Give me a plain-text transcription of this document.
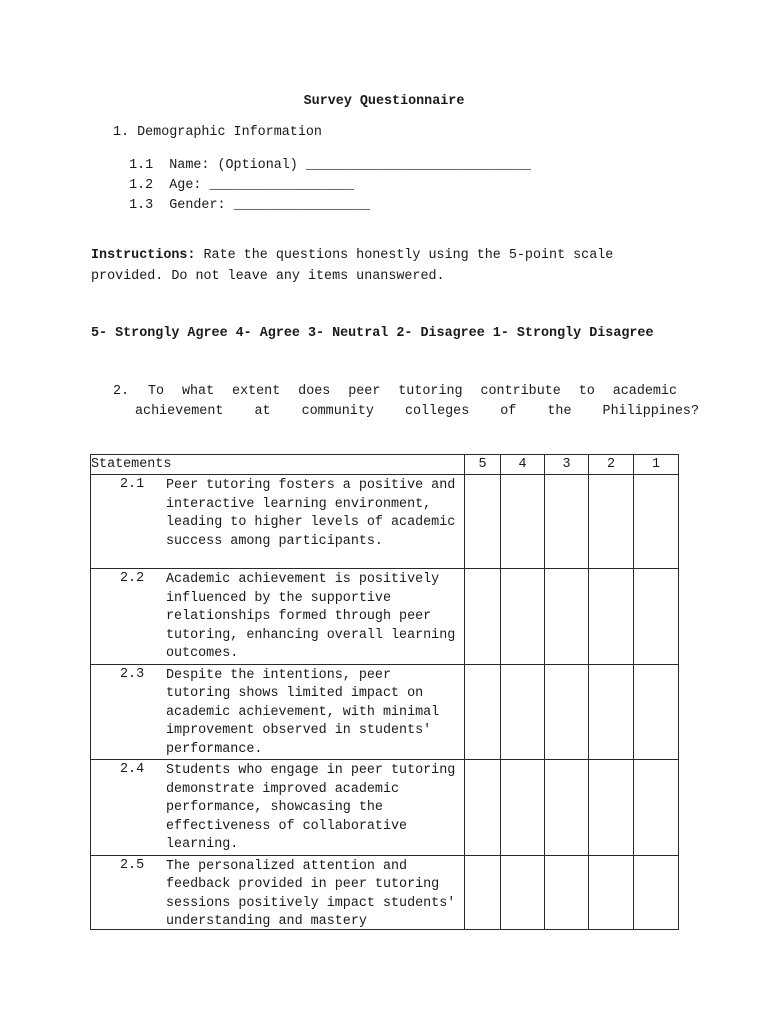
Survey Questionnaire
1. Demographic Information

1.1 Name: (Optional) ____________________________

1.2 Age: __________________

1.3 Gender: _________________

Instructions: Rate the questions honestly using the 5-point scale provided. Do not leave any items unanswered.
5- Strongly Agree 4- Agree 3- Neutral 2- Disagree 1- Strongly Disagree

2.

To what extent does peer tutoring contribute to academic

achievement at community colleges of the Philippines?

Statements	5	4	3	2	1

2.1 Peer tutoring fosters a positive and interactive learning environment, leading to higher levels of academic success among participants.					

2.2 Academic achievement is positively influenced by the supportive relationships formed through peer tutoring, enhancing overall learning outcomes.					

2.3 Despite the intentions, peer tutoring shows limited impact on academic achievement, with minimal improvement observed in students' performance.					

2.4 Students who engage in peer tutoring demonstrate improved academic performance, showcasing the effectiveness of collaborative learning.					

2.5 The personalized attention and feedback provided in peer tutoring sessions positively impact students' understanding and mastery					
